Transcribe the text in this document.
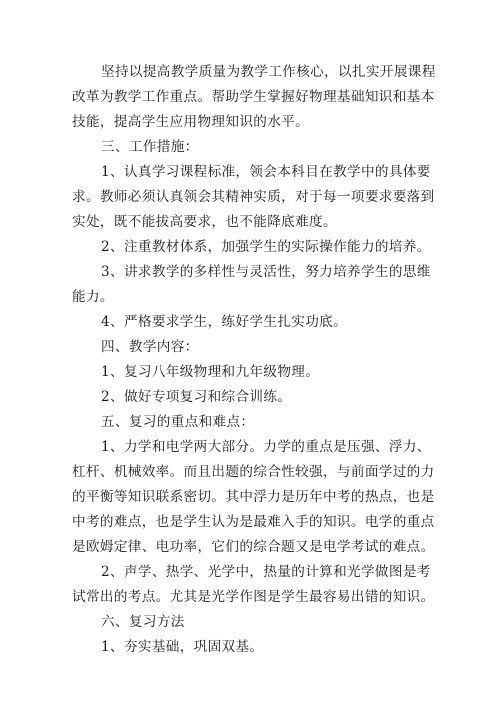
坚持以提高教学质量为教学工作核心，以扎实开展课程
改革为教学工作重点。帮助学生掌握好物理基础知识和基本
技能，提高学生应用物理知识的水平。
三、工作措施：
1、认真学习课程标准，领会本科目在教学中的具体要
求。教师必须认真领会其精神实质，对于每一项要求要落到
实处，既不能拔高要求，也不能降底难度。
2、注重教材体系，加强学生的实际操作能力的培养。
3、讲求教学的多样性与灵活性，努力培养学生的思维
能力。
4、严格要求学生，练好学生扎实功底。
四、教学内容：
1、复习八年级物理和九年级物理。
2、做好专项复习和综合训练。
五、复习的重点和难点：
1、力学和电学两大部分。力学的重点是压强、浮力、
杠杆、机械效率。而且出题的综合性较强，与前面学过的力
的平衡等知识联系密切。其中浮力是历年中考的热点，也是
中考的难点，也是学生认为是最难入手的知识。电学的重点
是欧姆定律、电功率，它们的综合题又是电学考试的难点。
2、声学、热学、光学中，热量的计算和光学做图是考
试常出的考点。尤其是光学作图是学生最容易出错的知识。
六、复习方法
1、夯实基础，巩固双基。
